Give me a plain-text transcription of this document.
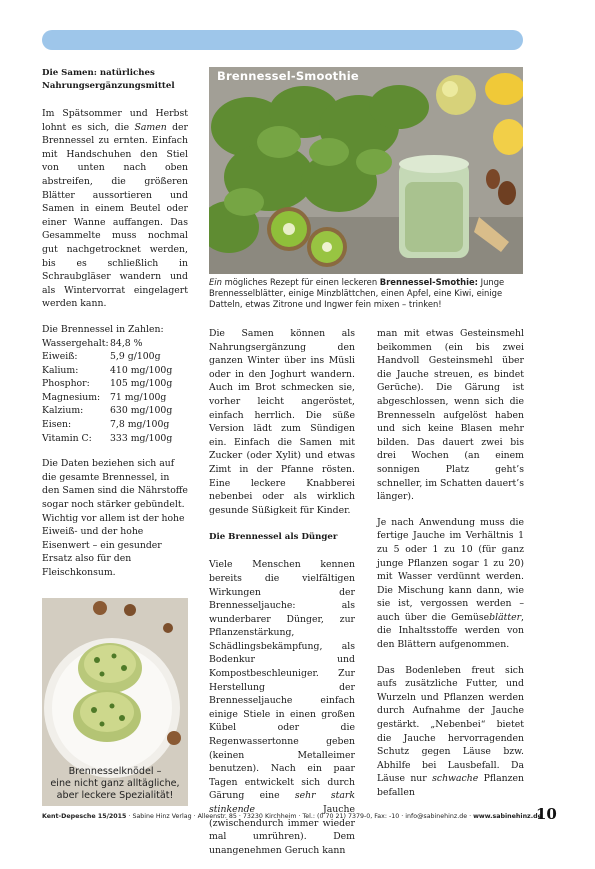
Die Samen: natürliches
Nahrungsergänzungsmittel

Im Spätsommer und Herbst lohnt es sich, die Samen der Brennessel zu ernten. Einfach mit Handschuhen den Stiel von unten nach oben abstreifen, die größeren Blätter aussortieren und Samen in einem Beutel oder einer Wanne auffangen. Das Gesammelte muss nochmal gut nachgetrocknet werden, bis es schließlich in Schraubgläser wandern und als Wintervorrat eingelagert werden kann.

Die Brennessel in Zahlen:
Wassergehalt:	84,8 %
Eiweiß:	5,9 g/100g
Kalium:	410 mg/100g
Phosphor:	105 mg/100g
Magnesium:	71 mg/100g
Kalzium:	630 mg/100g
Eisen:	7,8 mg/100g
Vitamin C:	333 mg/100g

Die Daten beziehen sich auf die gesamte Brennessel, in den Samen sind die Nährstoffe sogar noch stärker gebündelt. Wichtig vor allem ist der hohe Eiweiß- und der hohe Eisenwert – ein gesunder Ersatz also für den Fleischkonsum.

Brennessel-Smoothie
Ein mögliches Rezept für einen leckeren Brennessel-Smothie: Junge Brennesselblätter, einige Minzblättchen, einen Apfel, eine Kiwi, einige Datteln, etwas Zitrone und Ingwer fein mixen – trinken!

Die Samen können als Nahrungsergänzung den ganzen Winter über ins Müsli oder in den Joghurt wandern. Auch im Brot schmecken sie, vorher leicht angeröstet, einfach herrlich. Die süße Version lädt zum Sündigen ein. Einfach die Samen mit Zucker (oder Xylit) und etwas Zimt in der Pfanne rösten. Eine leckere Knabberei nebenbei oder als wirklich gesunde Süßigkeit für Kinder.

Die Brennessel als Dünger

Viele Menschen kennen bereits die vielfältigen Wirkungen der Brennesseljauche: als wunderbarer Dünger, zur Pflanzenstärkung, Schädlingsbekämpfung, als Bodenkur und Kompostbeschleuniger. Zur Herstellung der Brennesseljauche einfach einige Stiele in einen großen Kübel oder die Regenwassertonne geben (keinen Metalleimer benutzen). Nach ein paar Tagen entwickelt sich durch Gärung eine sehr stark stinkende Jauche (zwischendurch immer wieder mal umrühren). Dem unangenehmen Geruch kann

man mit etwas Gesteinsmehl beikommen (ein bis zwei Handvoll Gesteinsmehl über die Jauche streuen, es bindet Gerüche). Die Gärung ist abgeschlossen, wenn sich die Brennesseln aufgelöst haben und sich keine Blasen mehr bilden. Das dauert zwei bis drei Wochen (an einem sonnigen Platz geht’s schneller, im Schatten dauert’s länger).

Je nach Anwendung muss die fertige Jauche im Verhältnis 1 zu 5 oder 1 zu 10 (für ganz junge Pflanzen sogar 1 zu 20) mit Wasser verdünnt werden. Die Mischung kann dann, wie sie ist, vergossen werden – auch über die Gemüseblätter, die Inhaltsstoffe werden von den Blättern aufgenommen.

Das Bodenleben freut sich aufs zusätzliche Futter, und Wurzeln und Pflanzen werden durch Aufnahme der Jauche gestärkt. „Nebenbei“ bietet die Jauche hervorragenden Schutz gegen Läuse bzw. Abhilfe bei Lausbefall. Da Läuse nur schwache Pflanzen befallen

Brennesselknödel –
eine nicht ganz alltägliche,
aber leckere Spezialität!
Kent-Depesche 15/2015 · Sabine Hinz Verlag · Alleenstr. 85 · 73230 Kirchheim · Tel.: (0 70 21) 7379-0, Fax: -10 · info@sabinehinz.de · www.sabinehinz.de
10
